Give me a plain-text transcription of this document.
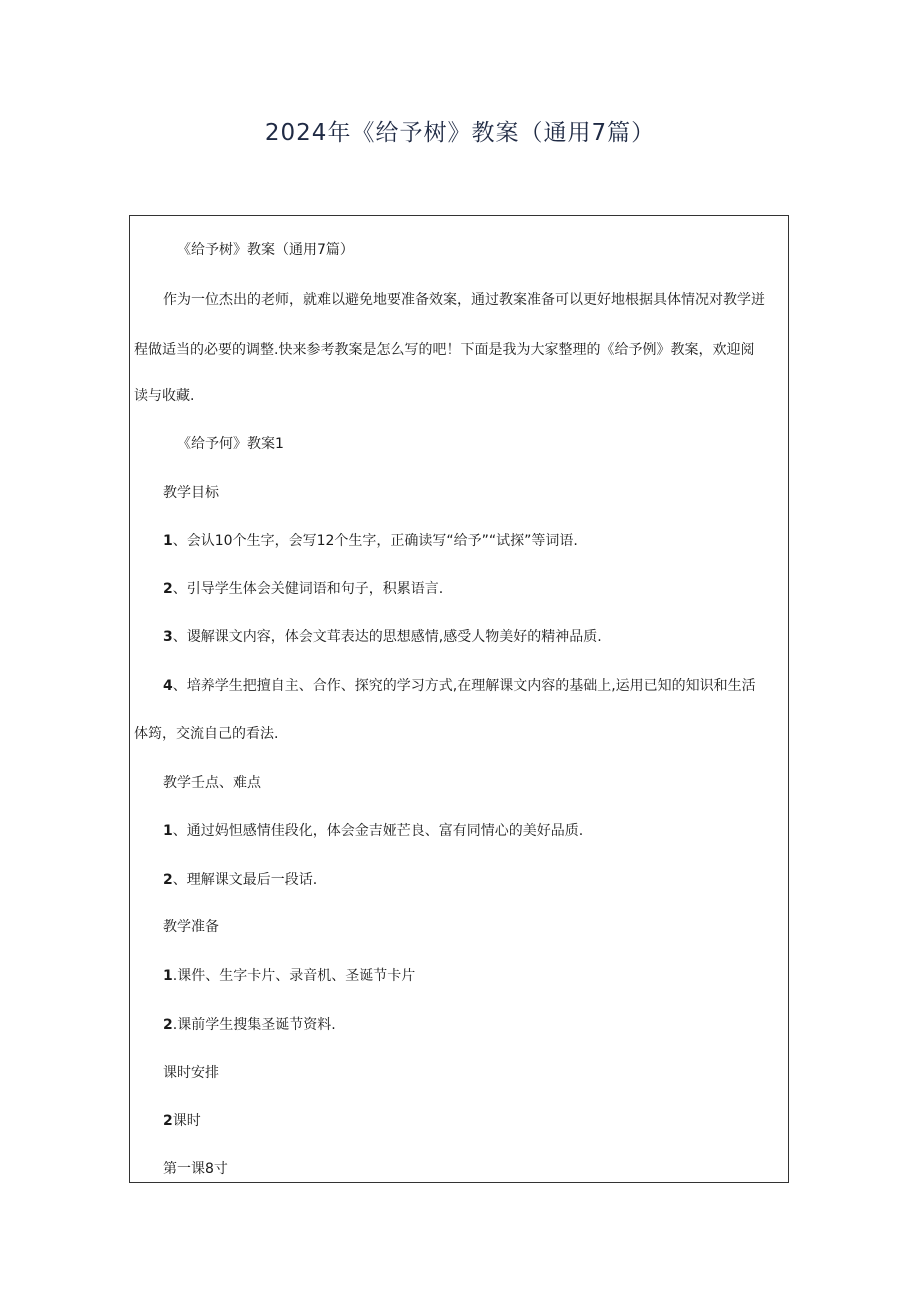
2024年《给予树》教案（通用7篇）

《给予树》教案（通用7篇）

作为一位杰出的老师，就难以避免地要准备效案，通过教案准备可以更好地根据具体情况对教学迸

程做适当的必要的调整.快来参考教案是怎么写的吧！下面是我为大家整理的《给予例》教案，欢迎阅

读与收藏.

《给予何》教案1

教学目标

1、会认10个生字，会写12个生字，正确读写“给予”“试探”等词语.

2、引导学生体会关健词语和句子，积累语言.

3、谡解课文内容，体会文茸表达的思想感情,感受人物美好的精神品质.

4、培养学生把擅自主、合作、探究的学习方式,在理解课文内容的基础上,运用已知的知识和生活

体筠，交流自己的看法.

教学壬点、难点

1、通过妈怛感情佳段化，体会金吉娅芒良、富有同情心的美好品质.

2、理解课文最后一段话.

教学准备

1.课件、生字卡片、录音机、圣诞节卡片

2.课前学生搜集圣诞节资料.

课时安排

2课时

第一课8寸
